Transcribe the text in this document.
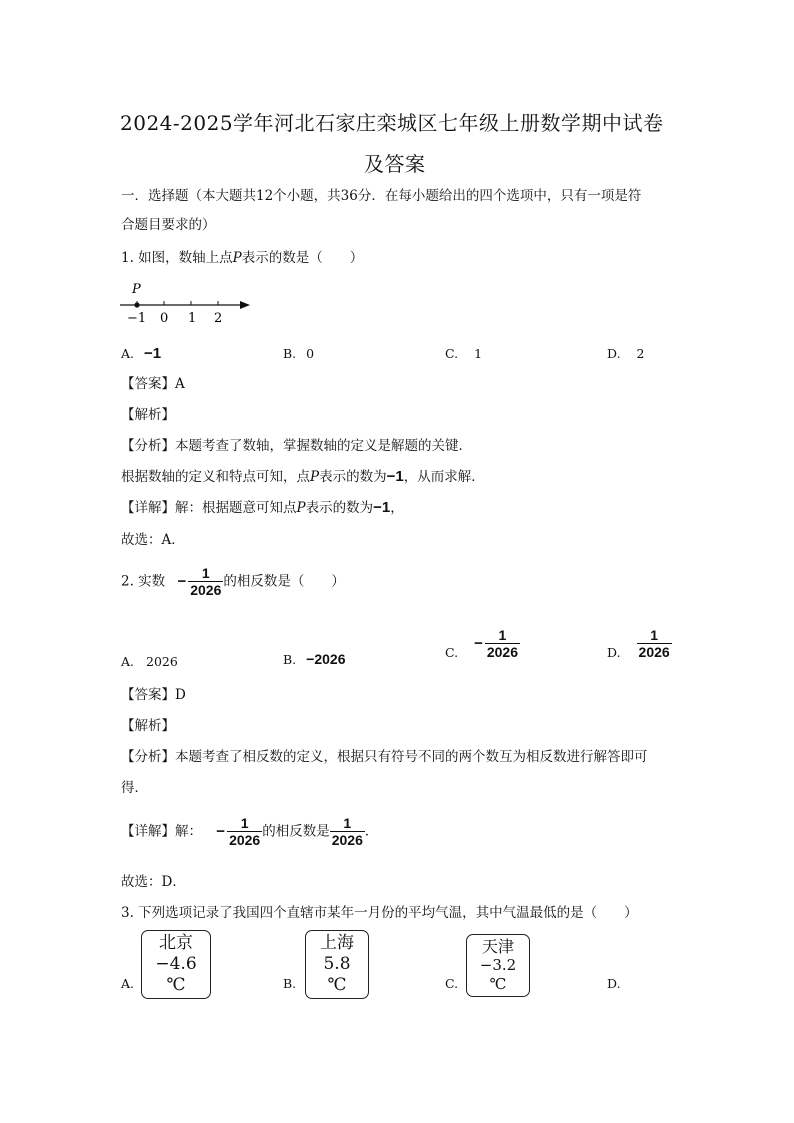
2024-2025学年河北石家庄栾城区七年级上册数学期中试卷
及答案
一．选择题（本大题共12个小题，共36分．在每小题给出的四个选项中，只有一项是符
合题目要求的）
1. 如图，数轴上点P表示的数是（　　）
P
−1 0 1 2
A. −1	B. 0	C. 1	D. 2
【答案】A
【解析】
【分析】本题考查了数轴，掌握数轴的定义是解题的关键．
根据数轴的定义和特点可知，点P表示的数为−1，从而求解．
【详解】解：根据题意可知点P表示的数为−1，
故选：A．
2. 实数 − $\frac{1}{2026}$ 的相反数是（　　）
A. 2026	B. −2026	C. − $\frac{1}{2026}$	D. $\frac{1}{2026}$
【答案】D
【解析】
【分析】本题考查了相反数的定义，根据只有符号不同的两个数互为相反数进行解答即可
得．
【详解】解： − $\frac{1}{2026}$ 的相反数是 $\frac{1}{2026}$ ．
故选：D．
3. 下列选项记录了我国四个直辖市某年一月份的平均气温，其中气温最低的是（　　）
A.
北京
−4.6 ℃	B.
上海
5.8 ℃	C.
天津
−3.2 ℃	D.
